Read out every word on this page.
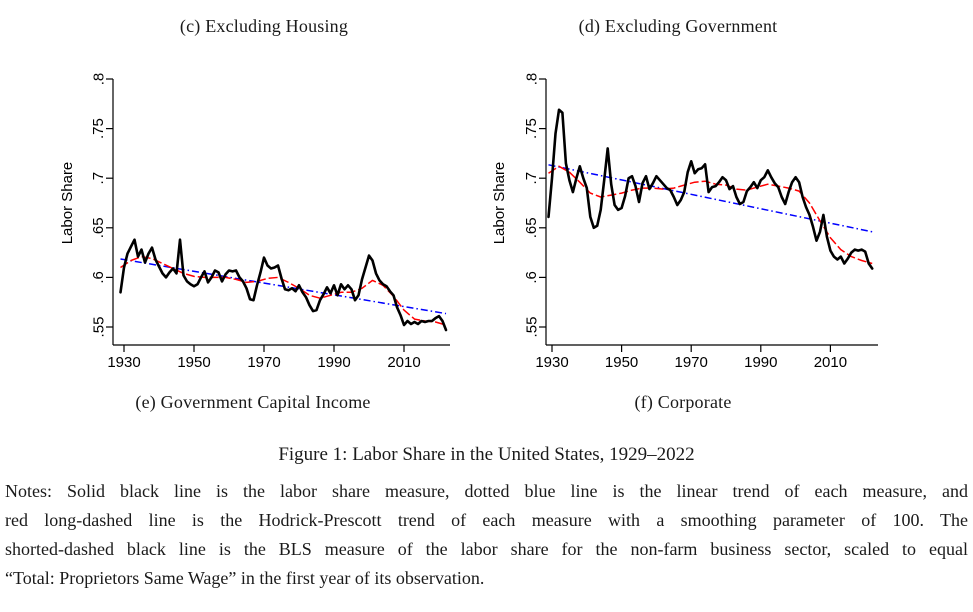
(c) Excluding Housing	(d) Excluding Government
.55
.6
.65
.7
.75
.8
1930 1950 1970 1990 2010
Labor Share
.55
.6
.65
.7
.75
.8
1930 1950 1970 1990 2010
Labor Share
(e) Government Capital Income	(f) Corporate
Figure 1: Labor Share in the United States, 1929–2022
Notes: Solid black line is the labor share measure, dotted blue line is the linear trend of each measure, and
red long-dashed line is the Hodrick-Prescott trend of each measure with a smoothing parameter of 100. The
shorted-dashed black line is the BLS measure of the labor share for the non-farm business sector, scaled to equal
“Total: Proprietors Same Wage” in the first year of its observation.
